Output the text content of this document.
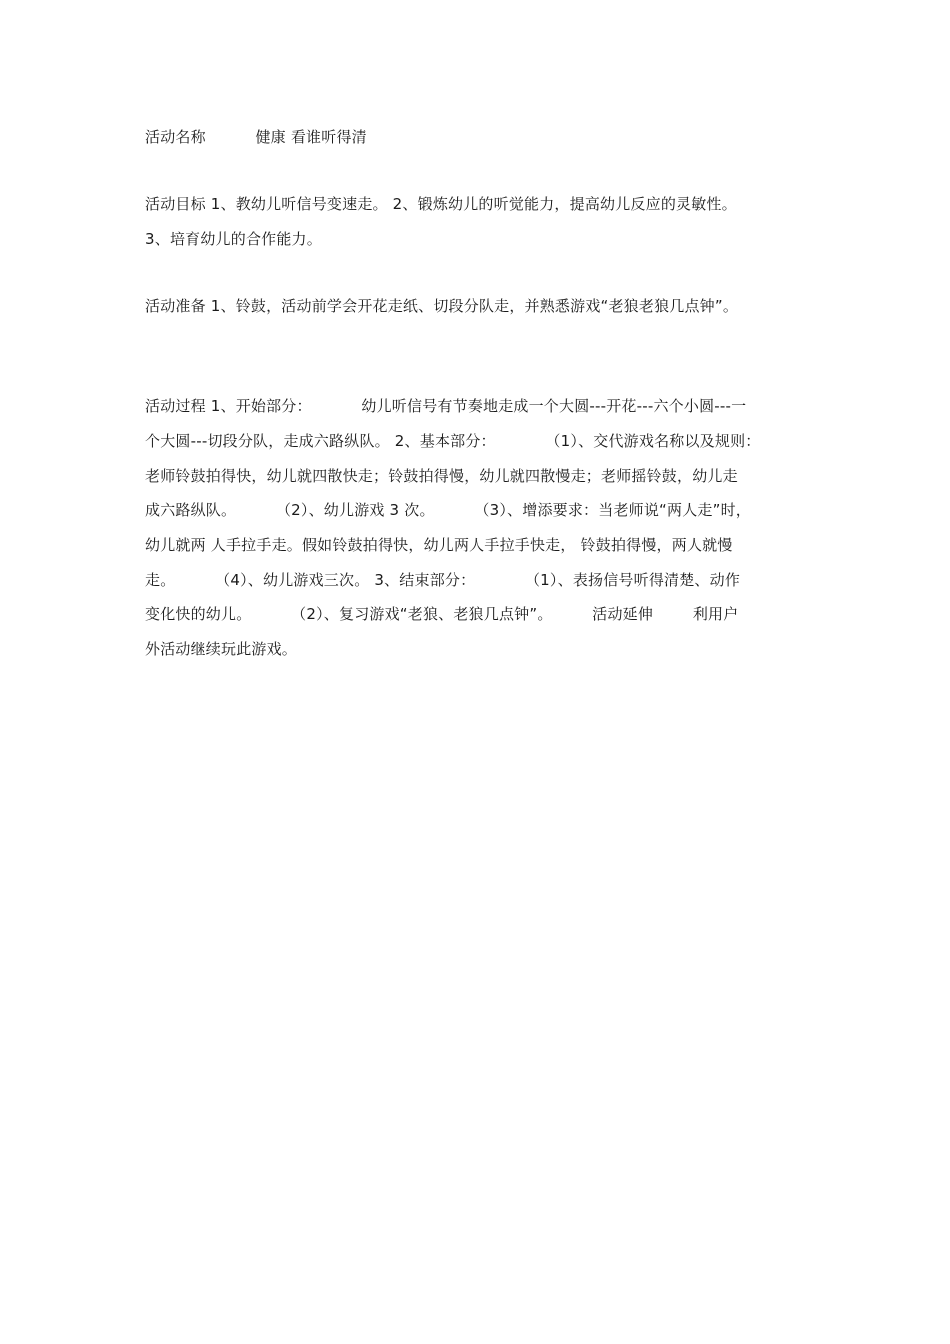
活动名称          健康 看谁听得清
活动目标 1、教幼儿听信号变速走。 2、锻炼幼儿的听觉能力，提高幼儿反应的灵敏性。
3、培育幼儿的合作能力。
活动准备 1、铃鼓，活动前学会开花走纸、切段分队走，并熟悉游戏“老狼老狼几点钟”。
活动过程 1、开始部分：          幼儿听信号有节奏地走成一个大圆---开花---六个小圆---一
个大圆---切段分队，走成六路纵队。 2、基本部分：          （1）、交代游戏名称以及规则：
老师铃鼓拍得快，幼儿就四散快走；铃鼓拍得慢，幼儿就四散慢走；老师摇铃鼓，幼儿走
成六路纵队。        （2）、幼儿游戏 3 次。        （3）、增添要求：当老师说“两人走”时，
幼儿就两 人手拉手走。假如铃鼓拍得快，幼儿两人手拉手快走， 铃鼓拍得慢，两人就慢
走。        （4）、幼儿游戏三次。 3、结束部分：          （1）、表扬信号听得清楚、动作
变化快的幼儿。        （2）、复习游戏“老狼、老狼几点钟”。        活动延伸        利用户
外活动继续玩此游戏。
